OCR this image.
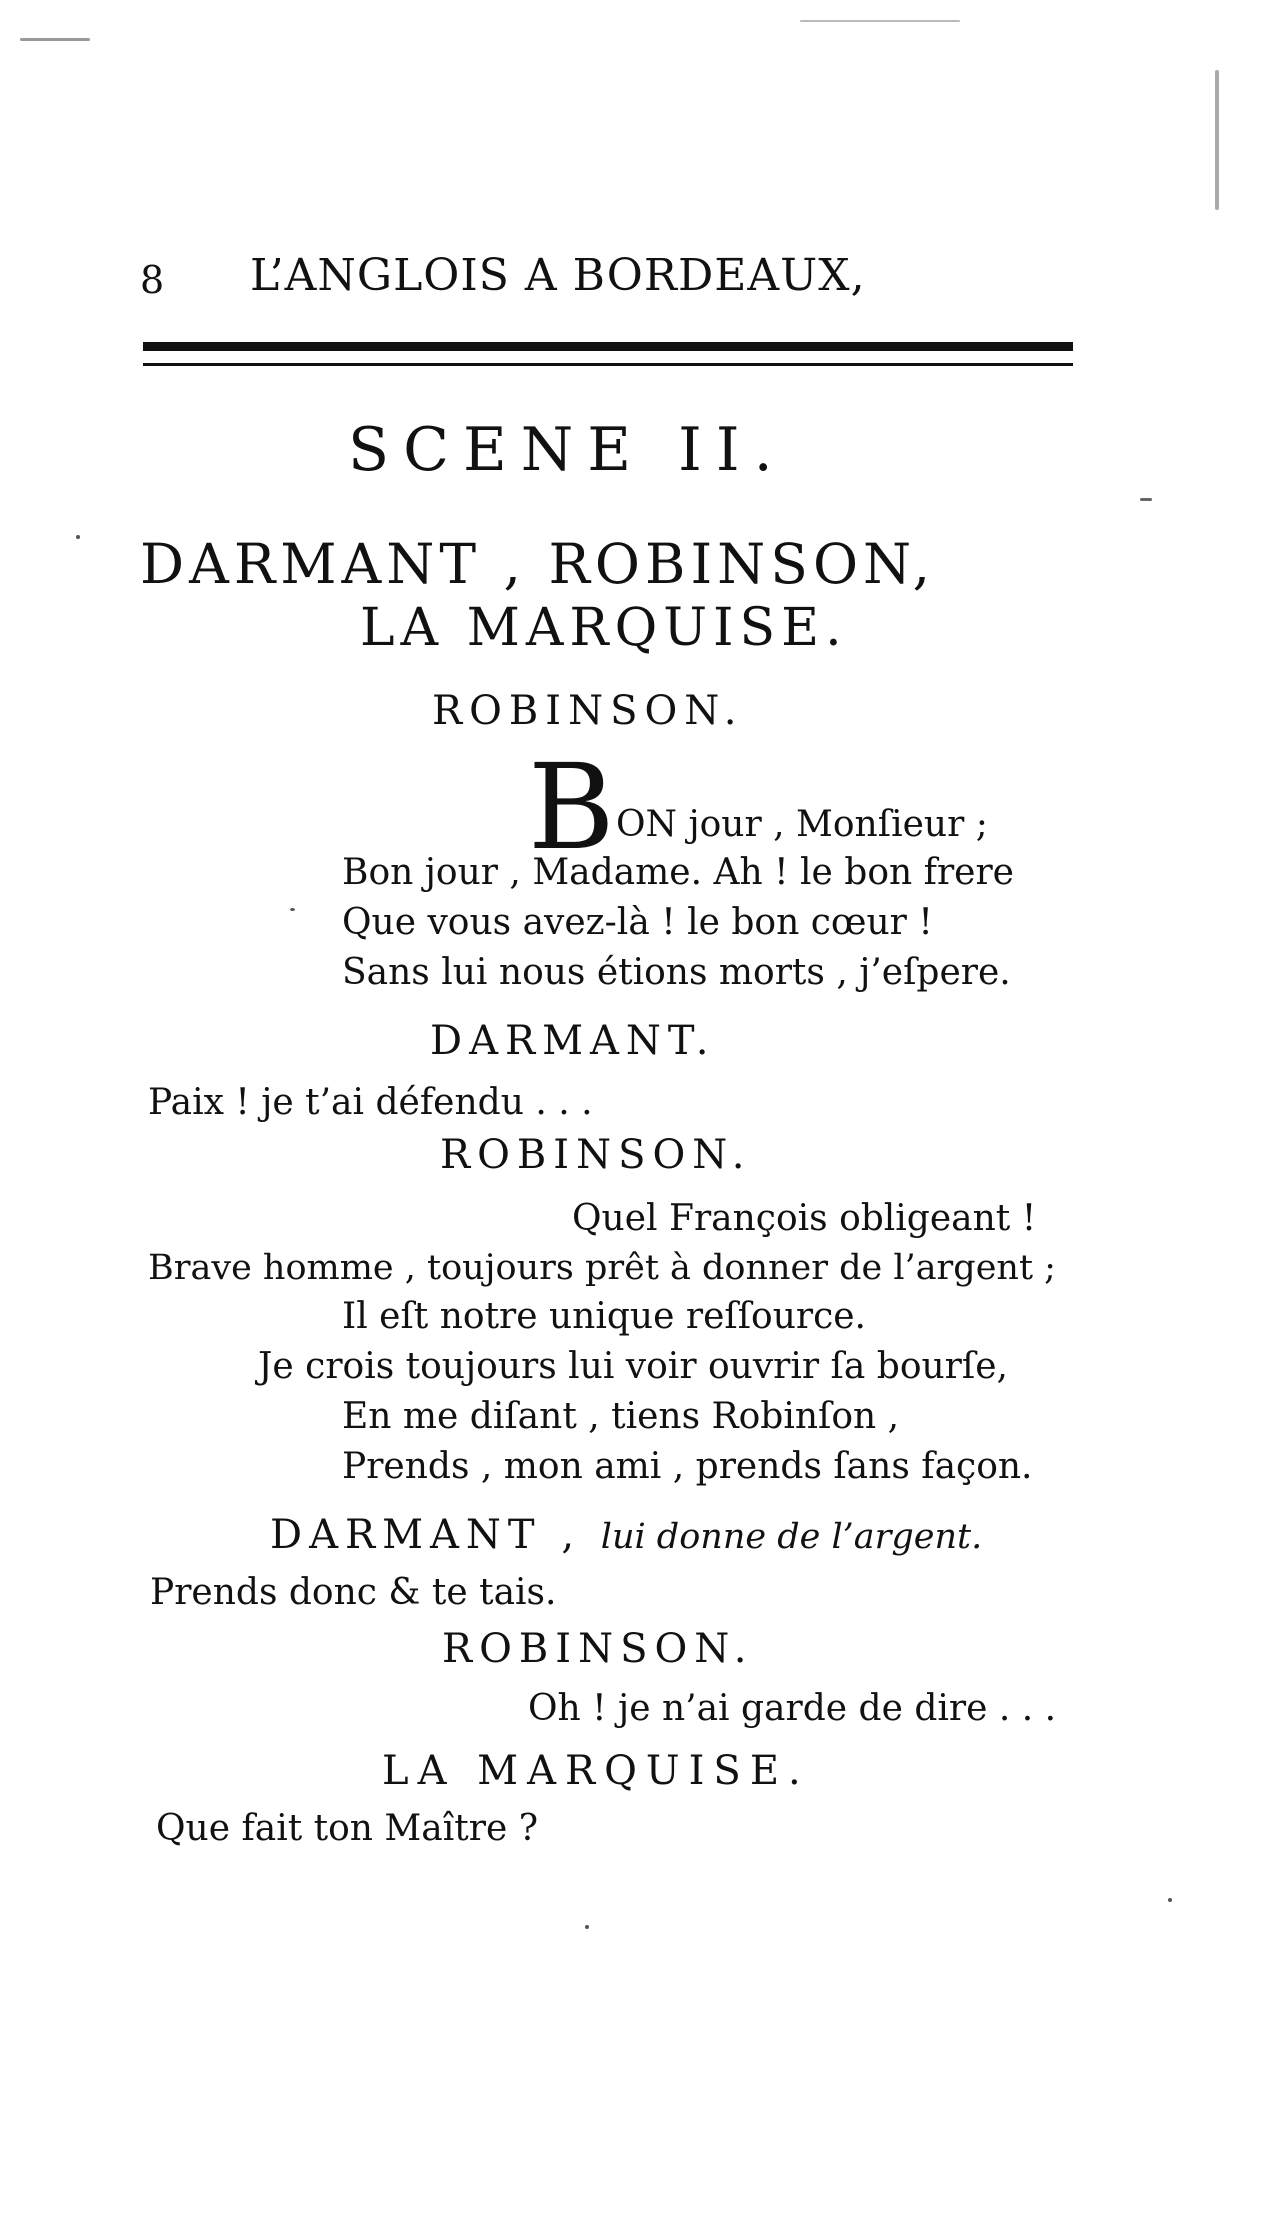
8 L’ANGLOIS A BORDEAUX,
SCENE II.
DARMANT , ROBINSON,
LA MARQUISE.
ROBINSON.
B ON jour , Monſieur ;
Bon jour , Madame. Ah ! le bon frere
Que vous avez-là ! le bon cœur !
Sans lui nous étions morts , j’eſpere.
DARMANT.
Paix ! je t’ai défendu . . .
ROBINSON.
Quel François obligeant !
Brave homme , toujours prêt à donner de l’argent ;
Il eſt notre unique reſſource.
Je crois toujours lui voir ouvrir ſa bourſe,
En me diſant , tiens Robinſon ,
Prends , mon ami , prends ſans façon.
DARMANT , lui donne de l’argent.
Prends donc & te tais.
ROBINSON.
Oh ! je n’ai garde de dire . . .
LA MARQUISE.
Que fait ton Maître ?
